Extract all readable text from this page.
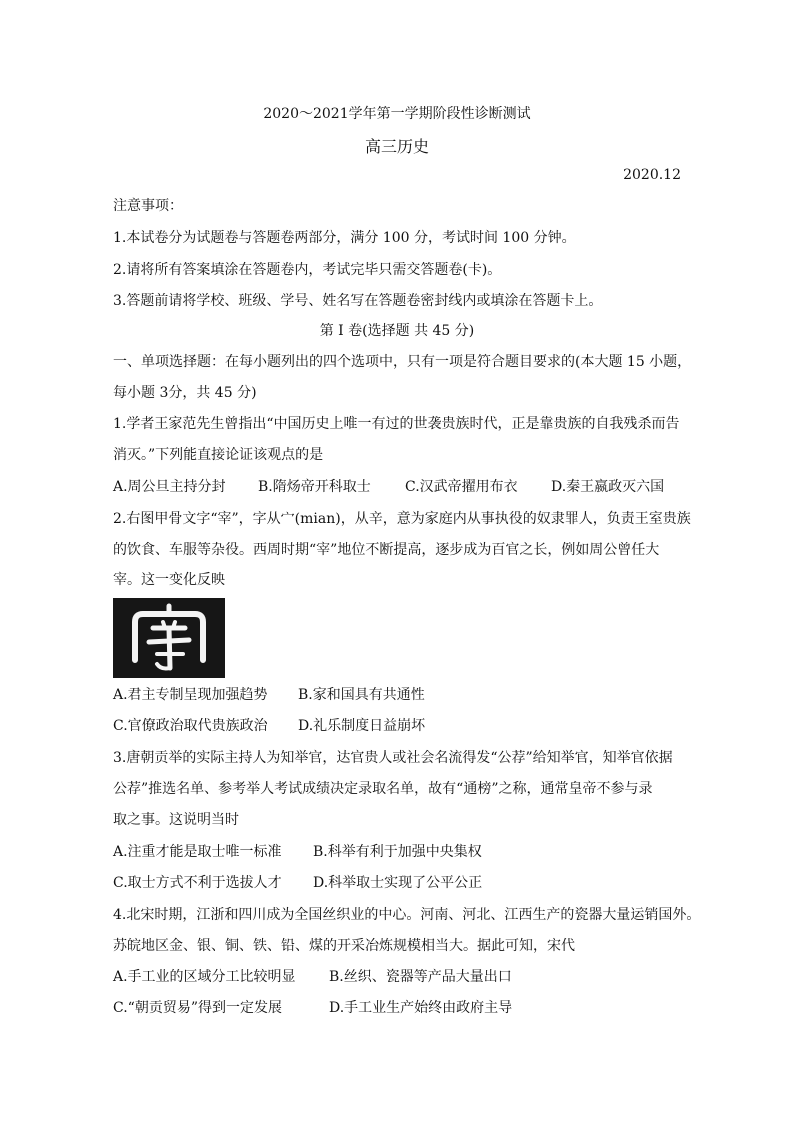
2020～2021学年第一学期阶段性诊断测试
高三历史
2020.12
注意事项：
1.本试卷分为试题卷与答题卷两部分，满分 100 分，考试时间 100 分钟。
2.请将所有答案填涂在答题卷内，考试完毕只需交答题卷(卡)。
3.答题前请将学校、班级、学号、姓名写在答题卷密封线内或填涂在答题卡上。
第 I 卷(选择题 共 45 分)
一、单项选择题：在每小题列出的四个选项中，只有一项是符合题目要求的(本大题 15 小题，
每小题 3分，共 45 分)
1.学者王家范先生曾指出“中国历史上唯一有过的世袭贵族时代，正是靠贵族的自我残杀而告
消灭。”下列能直接论证该观点的是
A.周公旦主持分封 B.隋炀帝开科取士 C.汉武帝擢用布衣 D.秦王嬴政灭六国
2.右图甲骨文字“宰”，字从宀(mian)，从辛，意为家庭内从事执役的奴隶罪人，负责王室贵族
的饮食、车服等杂役。西周时期“宰”地位不断提高，逐步成为百官之长，例如周公曾任大
宰。这一变化反映
A.君主专制呈现加强趋势 B.家和国具有共通性
C.官僚政治取代贵族政治 D.礼乐制度日益崩坏
3.唐朝贡举的实际主持人为知举官，达官贵人或社会名流得发“公荐”给知举官，知举官依据
公荐”推选名单、参考举人考试成绩决定录取名单，故有“通榜”之称，通常皇帝不参与录
取之事。这说明当时
A.注重才能是取士唯一标准 B.科举有利于加强中央集权
C.取士方式不利于选拔人才 D.科举取士实现了公平公正
4.北宋时期，江浙和四川成为全国丝织业的中心。河南、河北、江西生产的瓷器大量运销国外。
苏皖地区金、银、铜、铁、铅、煤的开采冶炼规模相当大。据此可知，宋代
A.手工业的区域分工比较明显 B.丝织、瓷器等产品大量出口
C.“朝贡贸易”得到一定发展	D.手工业生产始终由政府主导
